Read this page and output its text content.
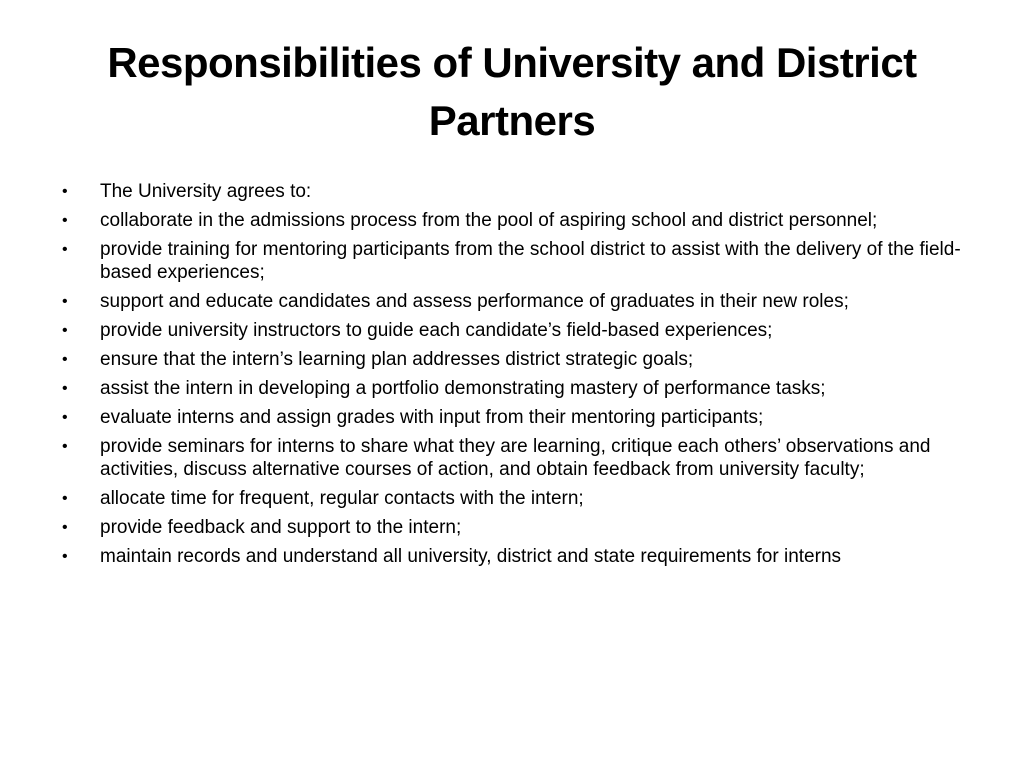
Responsibilities of University and District Partners
•	The University agrees to:
•	collaborate in the admissions process from the pool of aspiring school and district personnel;
•	provide training for mentoring participants from the school district to assist with the delivery of the field-based experiences;
•	support and educate candidates and assess performance of graduates in their new roles;
•	provide university instructors to guide each candidate’s field-based experiences;
•	ensure that the intern’s learning plan addresses district strategic goals;
•	assist the intern in developing a portfolio demonstrating mastery of performance tasks;
•	evaluate interns and assign grades with input from their mentoring participants;
•	provide seminars for interns to share what they are learning, critique each others’ observations and activities, discuss alternative courses of action, and obtain feedback from university faculty;
•	allocate time for frequent, regular contacts with the intern;
•	provide feedback and support to the intern;
•	maintain records and understand all university, district and state requirements for interns
